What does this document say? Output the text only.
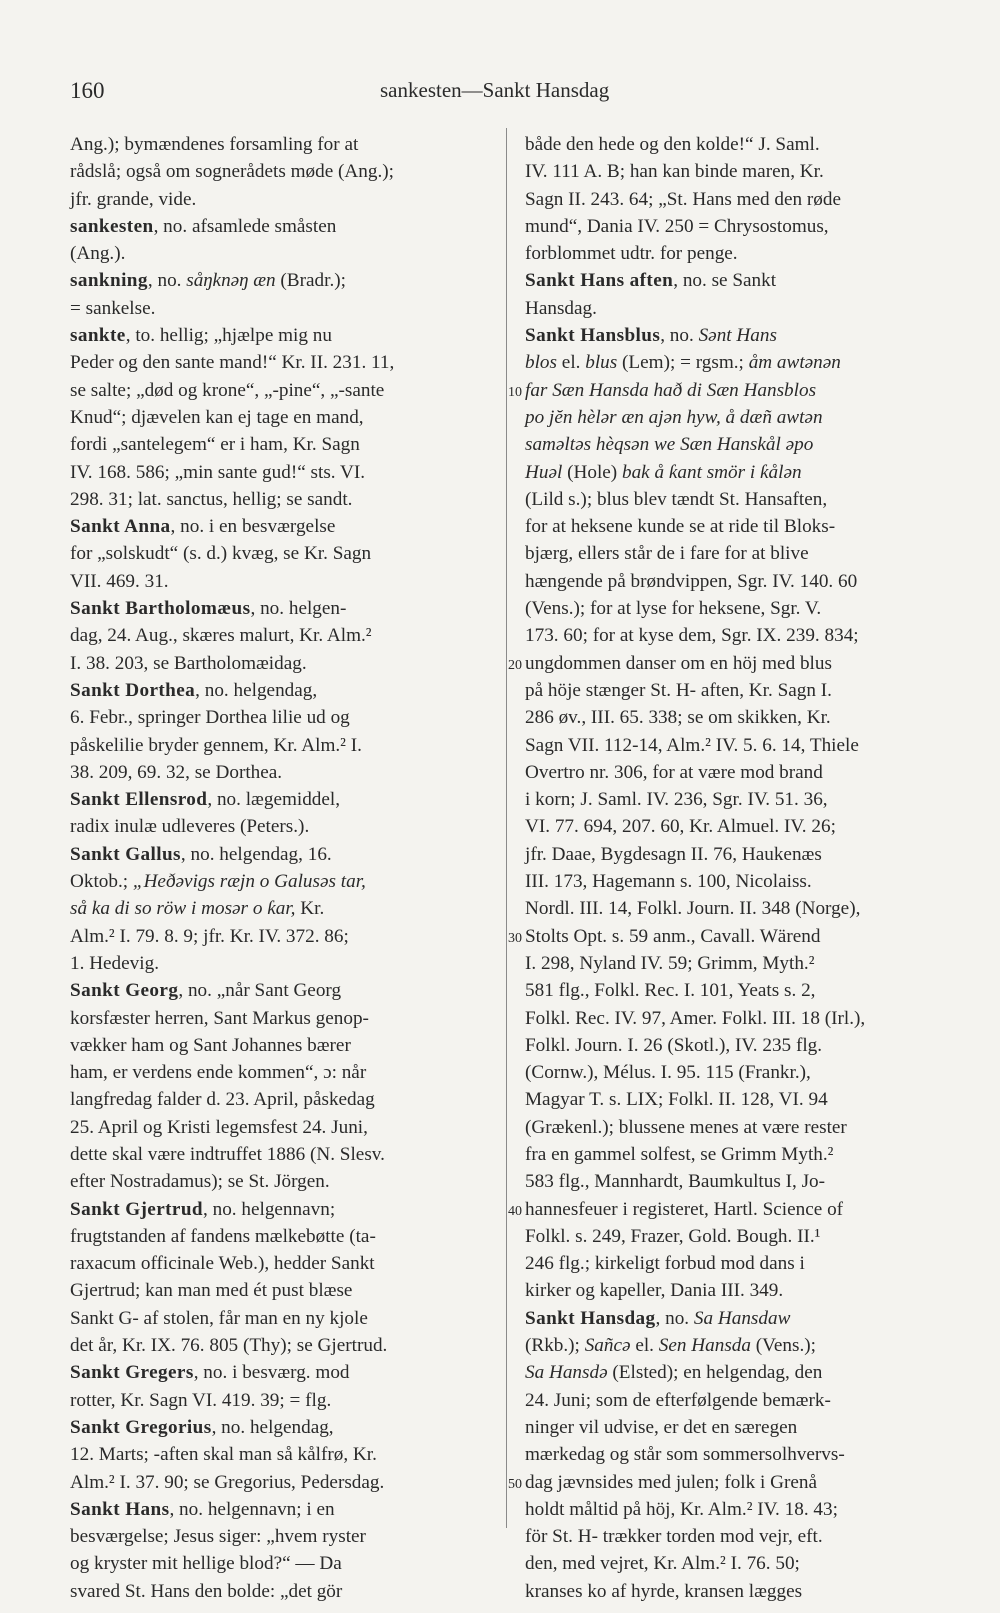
160	sankesten—Sankt Hansdag
Ang.); bymændenes forsamling for at
rådslå; også om sognerådets møde (Ang.);
jfr. grande, vide.
sankesten, no. afsamlede småsten
(Ang.).
sankning, no. såŋknəŋ æn (Bradr.);
= sankelse.
sankte, to. hellig; „hjælpe mig nu
Peder og den sante mand!“ Kr. II. 231. 11,
se salte; „død og krone“, „-pine“, „-sante
Knud“; djævelen kan ej tage en mand,
fordi „santelegem“ er i ham, Kr. Sagn
IV. 168. 586; „min sante gud!“ sts. VI.
298. 31; lat. sanctus, hellig; se sandt.
Sankt Anna, no. i en besværgelse
for „solskudt“ (s. d.) kvæg, se Kr. Sagn
VII. 469. 31.
Sankt Bartholomæus, no. helgen-
dag, 24. Aug., skæres malurt, Kr. Alm.²
I. 38. 203, se Bartholomæidag.
Sankt Dorthea, no. helgendag,
6. Febr., springer Dorthea lilie ud og
påskelilie bryder gennem, Kr. Alm.² I.
38. 209, 69. 32, se Dorthea.
Sankt Ellensrod, no. lægemiddel,
radix inulæ udleveres (Peters.).
Sankt Gallus, no. helgendag, 16.
Oktob.; „Heðəvigs ræjn o Galusəs tar,
så ka di so röw i mosər o ƙar, Kr.
Alm.² I. 79. 8. 9; jfr. Kr. IV. 372. 86;
1. Hedevig.
Sankt Georg, no. „når Sant Georg
korsfæster herren, Sant Markus genop-
vækker ham og Sant Johannes bærer
ham, er verdens ende kommen“, ɔ: når
langfredag falder d. 23. April, påskedag
25. April og Kristi legemsfest 24. Juni,
dette skal være indtruffet 1886 (N. Slesv.
efter Nostradamus); se St. Jörgen.
Sankt Gjertrud, no. helgennavn;
frugtstanden af fandens mælkebøtte (ta-
raxacum officinale Web.), hedder Sankt
Gjertrud; kan man med ét pust blæse
Sankt G- af stolen, får man en ny kjole
det år, Kr. IX. 76. 805 (Thy); se Gjertrud.
Sankt Gregers, no. i besværg. mod
rotter, Kr. Sagn VI. 419. 39; = flg.
Sankt Gregorius, no. helgendag,
12. Marts; -aften skal man så kålfrø, Kr.
Alm.² I. 37. 90; se Gregorius, Pedersdag.
Sankt Hans, no. helgennavn; i en
besværgelse; Jesus siger: „hvem ryster
og kryster mit hellige blod?“ — Da
svared St. Hans den bolde: „det gör
både den hede og den kolde!“ J. Saml.
IV. 111 A. B; han kan binde maren, Kr.
Sagn II. 243. 64; „St. Hans med den røde
mund“, Dania IV. 250 = Chrysostomus,
forblommet udtr. for penge.
Sankt Hans aften, no. se Sankt
Hansdag.
Sankt Hansblus, no. Sənt Hans
blos el. blus (Lem); = rgsm.; åm awtənən
far Sæn Hansda hað di Sæn Hansblos
10
po jĕn hèlər æn ajən hyw, å dæñ awtən
saməltəs hèqsən we Sæn Hanskål əpo
Huəl (Hole) bak å ƙant smör i ƙålən
(Lild s.); blus blev tændt St. Hansaften,
for at heksene kunde se at ride til Bloks-
bjærg, ellers står de i fare for at blive
hængende på brøndvippen, Sgr. IV. 140. 60
(Vens.); for at lyse for heksene, Sgr. V.
173. 60; for at kyse dem, Sgr. IX. 239. 834;
ungdommen danser om en höj med blus
20
på höje stænger St. H- aften, Kr. Sagn I.
286 øv., III. 65. 338; se om skikken, Kr.
Sagn VII. 112-14, Alm.² IV. 5. 6. 14, Thiele
Overtro nr. 306, for at være mod brand
i korn; J. Saml. IV. 236, Sgr. IV. 51. 36,
VI. 77. 694, 207. 60, Kr. Almuel. IV. 26;
jfr. Daae, Bygdesagn II. 76, Haukenæs
III. 173, Hagemann s. 100, Nicolaiss.
Nordl. III. 14, Folkl. Journ. II. 348 (Norge),
Stolts Opt. s. 59 anm., Cavall. Wärend
30
I. 298, Nyland IV. 59; Grimm, Myth.²
581 flg., Folkl. Rec. I. 101, Yeats s. 2,
Folkl. Rec. IV. 97, Amer. Folkl. III. 18 (Irl.),
Folkl. Journ. I. 26 (Skotl.), IV. 235 flg.
(Cornw.), Mélus. I. 95. 115 (Frankr.),
Magyar T. s. LIX; Folkl. II. 128, VI. 94
(Grækenl.); blussene menes at være rester
fra en gammel solfest, se Grimm Myth.²
583 flg., Mannhardt, Baumkultus I, Jo-
hannesfeuer i registeret, Hartl. Science of
40
Folkl. s. 249, Frazer, Gold. Bough. II.¹
246 flg.; kirkeligt forbud mod dans i
kirker og kapeller, Dania III. 349.
Sankt Hansdag, no. Sa Hansdaw
(Rkb.); Sañcə el. Sen Hansda (Vens.);
Sa Hansdə (Elsted); en helgendag, den
24. Juni; som de efterfølgende bemærk-
ninger vil udvise, er det en særegen
mærkedag og står som sommersolhvervs-
dag jævnsides med julen; folk i Grenå
50
holdt måltid på höj, Kr. Alm.² IV. 18. 43;
för St. H- trækker torden mod vejr, eft.
den, med vejret, Kr. Alm.² I. 76. 50;
kranses ko af hyrde, kransen lægges
